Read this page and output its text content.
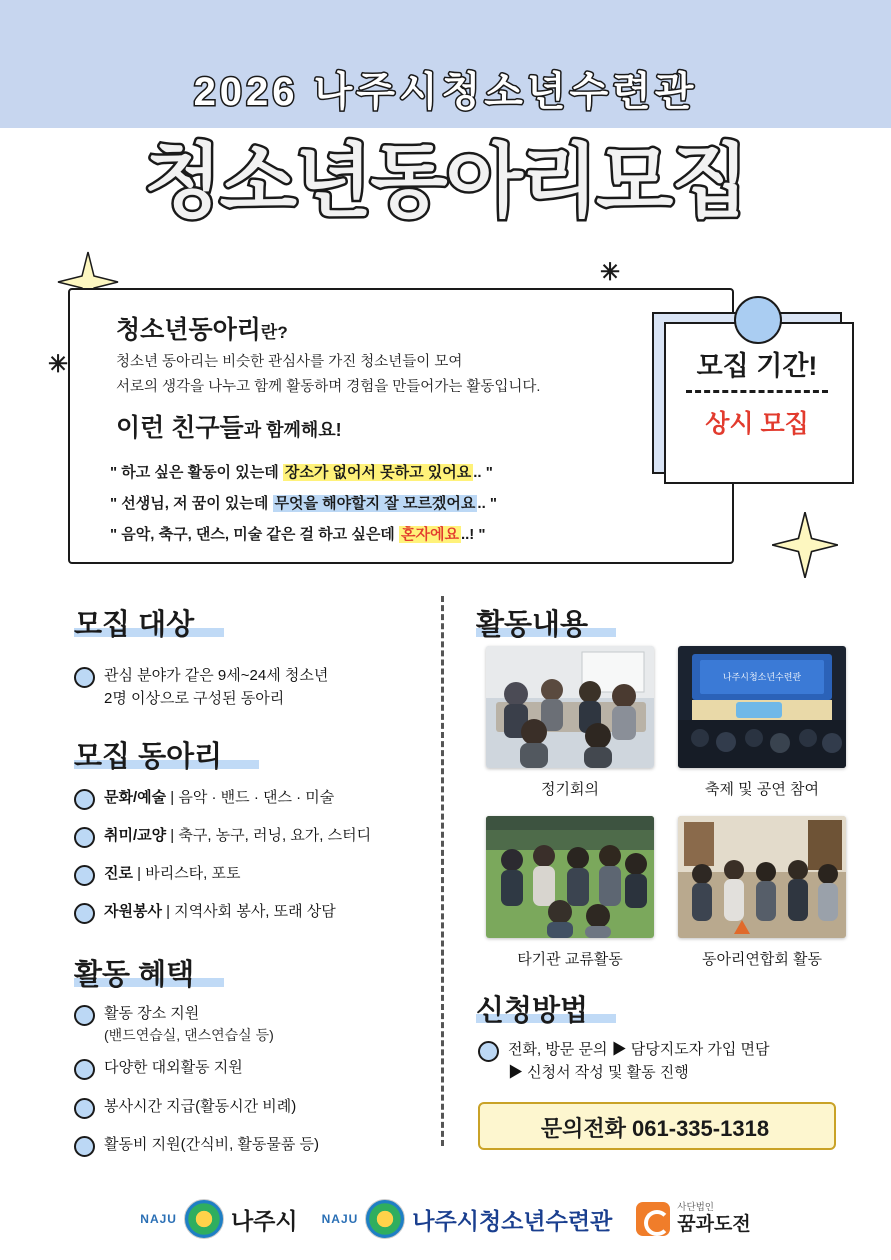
2026 나주시청소년수련관
청소년동아리모집
✳
✳
청소년동아리란?
청소년 동아리는 비슷한 관심사를 가진 청소년들이 모여
서로의 생각을 나누고 함께 활동하며 경험을 만들어가는 활동입니다.
이런 친구들과 함께해요!
" 하고 싶은 활동이 있는데 장소가 없어서 못하고 있어요 .. "
" 선생님, 저 꿈이 있는데 무엇을 해야할지 잘 모르겠어요 .. "
" 음악, 축구, 댄스, 미술 같은 걸 하고 싶은데 혼자에요 ..! "
모집 기간!
상시 모집
모집 대상
관심 분야가 같은 9세~24세 청소년
2명 이상으로 구성된 동아리
모집 동아리
문화/예술 | 음악 · 밴드 · 댄스 · 미술
취미/교양 | 축구, 농구, 러닝, 요가, 스터디
진로 | 바리스타, 포토
자원봉사 | 지역사회 봉사, 또래 상담
활동 혜택
활동 장소 지원
(밴드연습실, 댄스연습실 등)
다양한 대외활동 지원
봉사시간 지급(활동시간 비례)
활동비 지원(간식비, 활동물품 등)
활동내용
정기회의
나주시청소년수련관
축제 및 공연 참여
타기관 교류활동	동아리연합회 활동
신청방법
전화, 방문 문의 ▶ 담당지도자 가입 면담
▶ 신청서 작성 및 활동 진행
문의전화 061-335-1318
NAJU 나주시 NAJU 나주시청소년수련관
사단법인
꿈과도전
